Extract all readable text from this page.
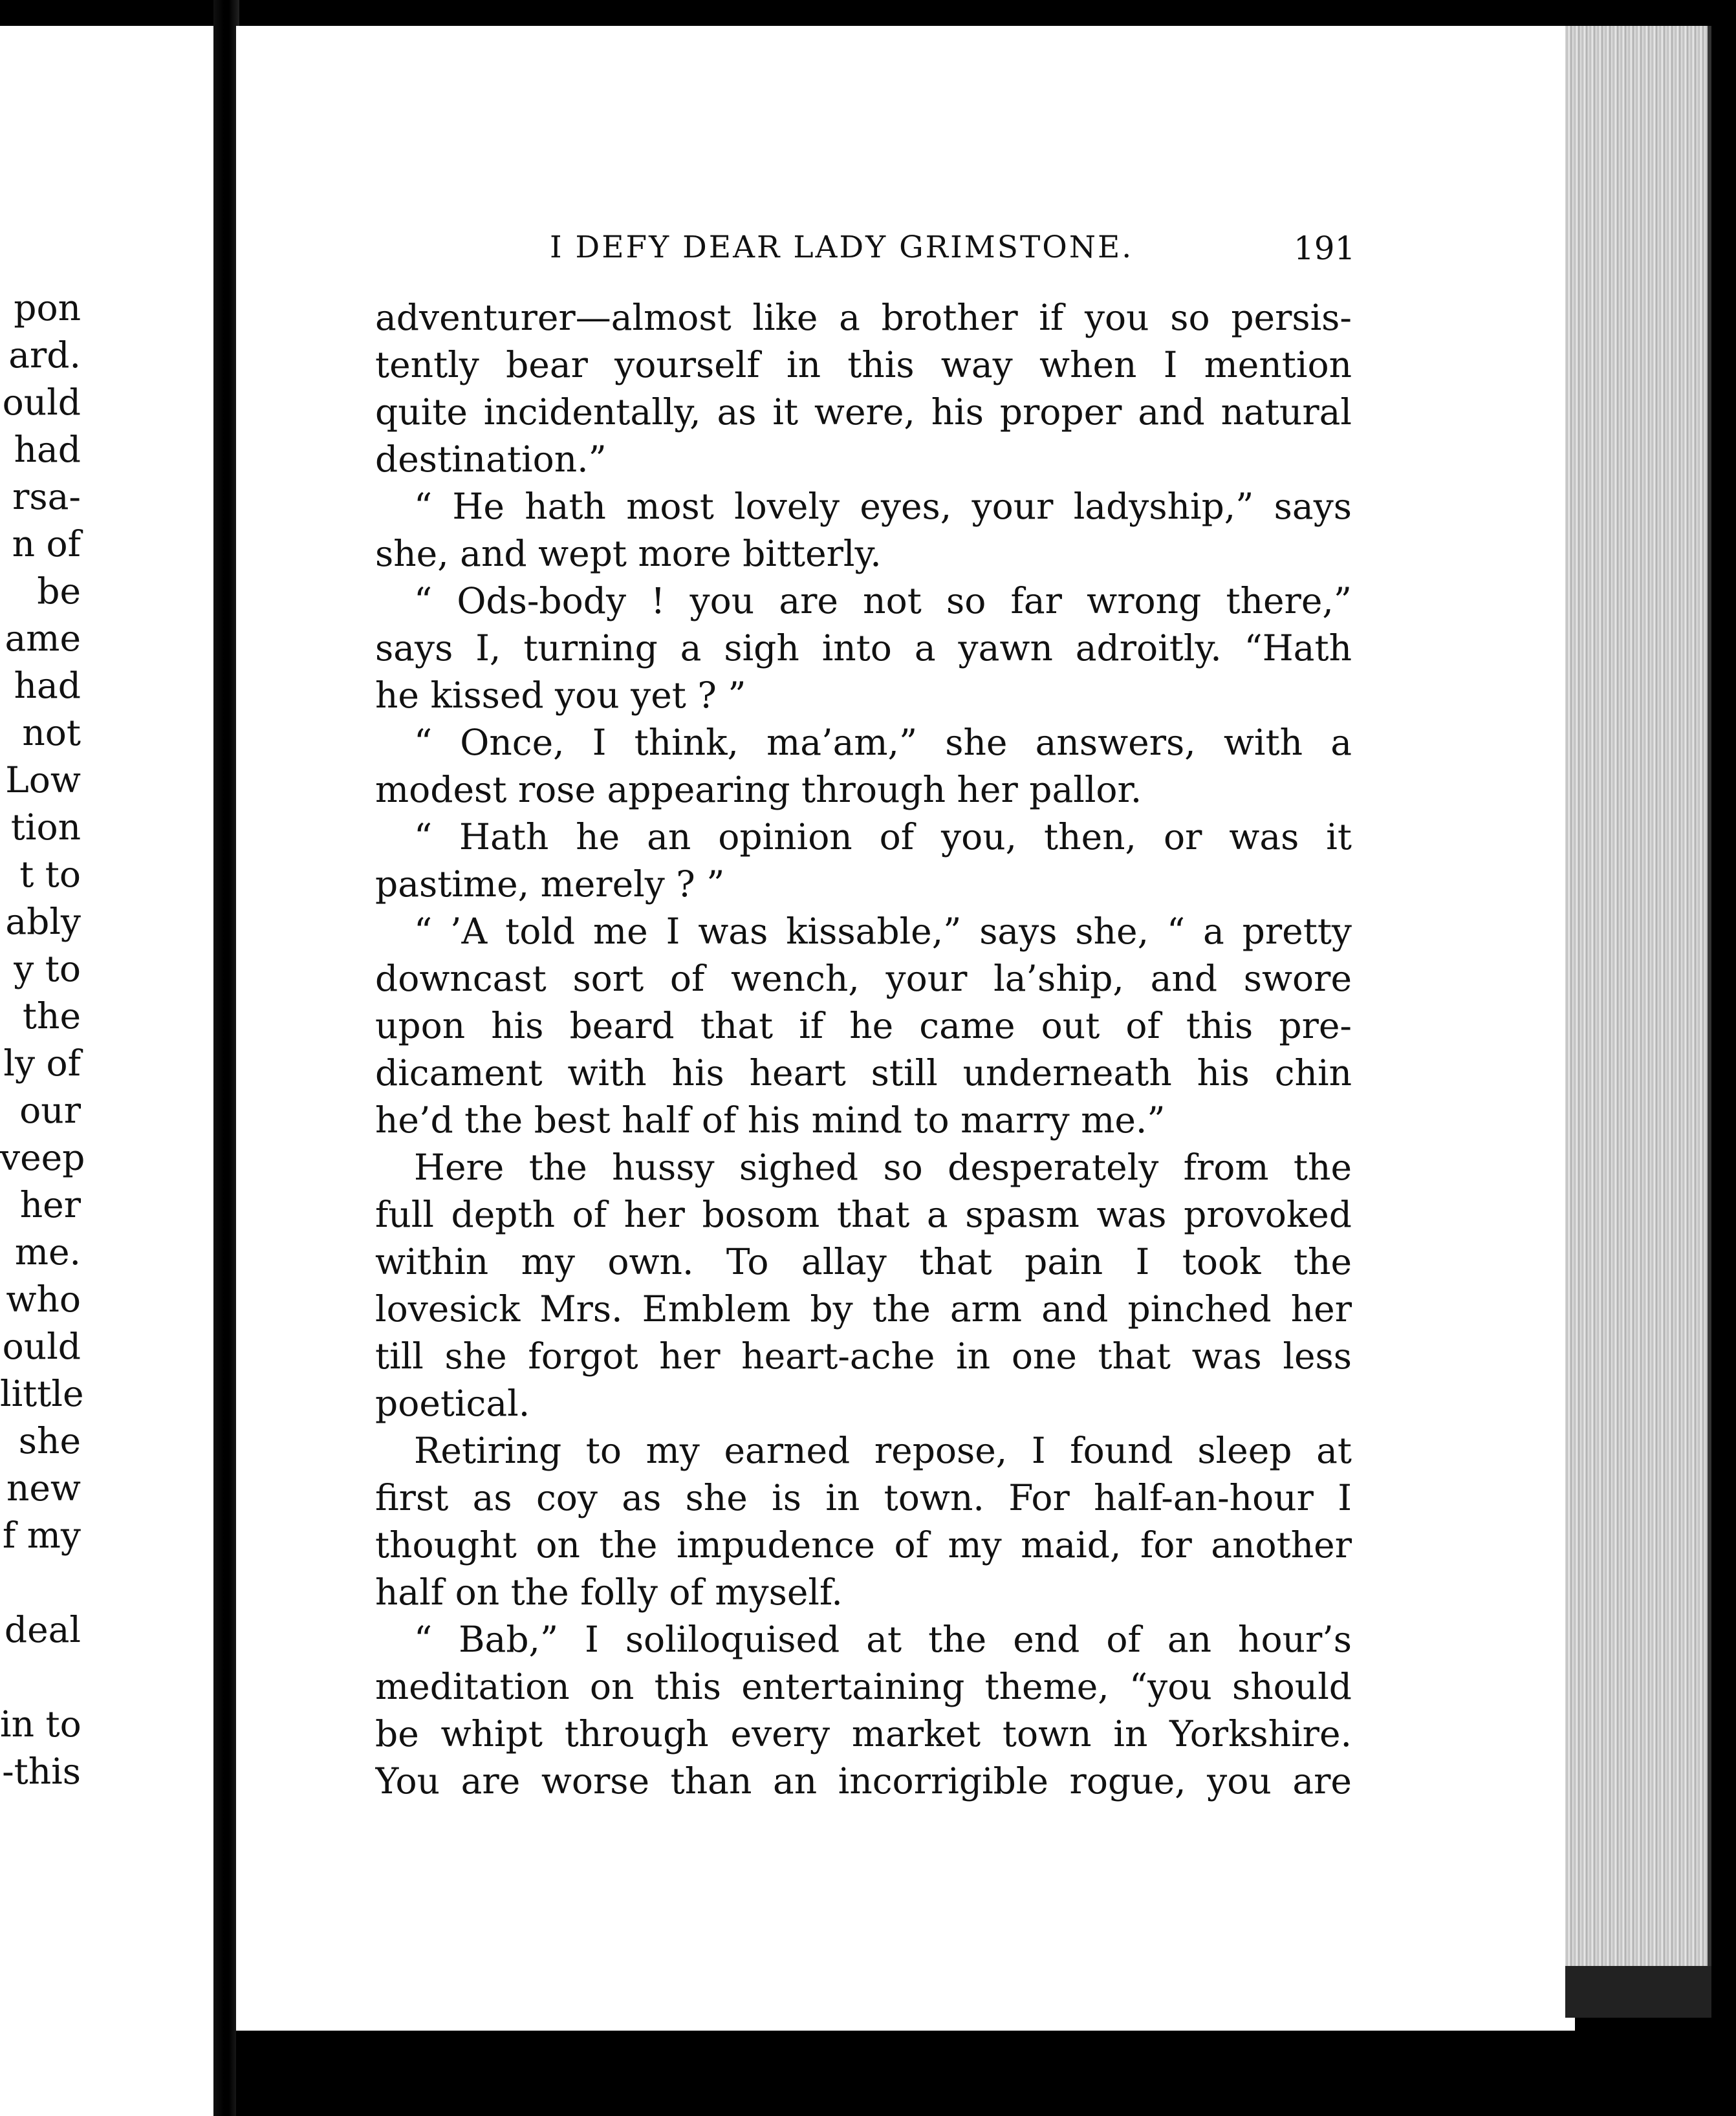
pon
ard.
ould
had
rsa-
n of
be
ame
had
not
Low
tion
t to
ably
y to
the
ly of
our
veep
her
me.
who
ould
little
she
new
f my
deal
in to
-this
I DEFY DEAR LADY GRIMSTONE.	191
adventurer—almost like a brother if you so persis-
tently bear yourself in this way when I mention
quite incidentally, as it were, his proper and natural
destination.”
“ He hath most lovely eyes, your ladyship,” says
she, and wept more bitterly.
“ Ods-body ! you are not so far wrong there,”
says I, turning a sigh into a yawn adroitly. “Hath
he kissed you yet ? ”
“ Once, I think, ma’am,” she answers, with a
modest rose appearing through her pallor.
“ Hath he an opinion of you, then, or was it
pastime, merely ? ”
“ ’A told me I was kissable,” says she, “ a pretty
downcast sort of wench, your la’ship, and swore
upon his beard that if he came out of this pre-
dicament with his heart still underneath his chin
he’d the best half of his mind to marry me.”
Here the hussy sighed so desperately from the
full depth of her bosom that a spasm was provoked
within my own. To allay that pain I took the
lovesick Mrs. Emblem by the arm and pinched her
till she forgot her heart-ache in one that was less
poetical.
Retiring to my earned repose, I found sleep at
first as coy as she is in town. For half-an-hour I
thought on the impudence of my maid, for another
half on the folly of myself.
“ Bab,” I soliloquised at the end of an hour’s
meditation on this entertaining theme, “you should
be whipt through every market town in Yorkshire.
You are worse than an incorrigible rogue, you are
